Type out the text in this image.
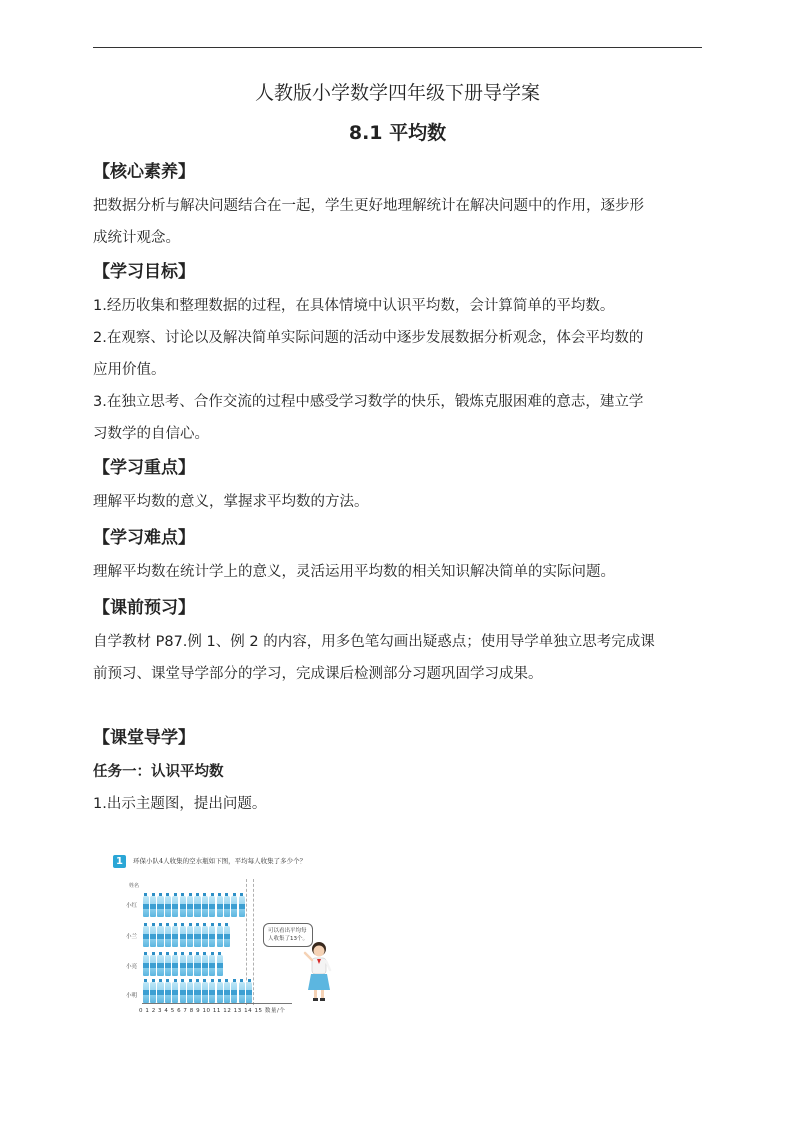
人教版小学数学四年级下册导学案
8.1 平均数

【核心素养】

把数据分析与解决问题结合在一起，学生更好地理解统计在解决问题中的作用，逐步形

成统计观念。

【学习目标】

1.经历收集和整理数据的过程，在具体情境中认识平均数，会计算简单的平均数。

2.在观察、讨论以及解决简单实际问题的活动中逐步发展数据分析观念，体会平均数的

应用价值。

3.在独立思考、合作交流的过程中感受学习数学的快乐，锻炼克服困难的意志，建立学

习数学的自信心。

【学习重点】

理解平均数的意义，掌握求平均数的方法。

【学习难点】

理解平均数在统计学上的意义，灵活运用平均数的相关知识解决简单的实际问题。

【课前预习】

自学教材 P87.例 1、例 2 的内容，用多色笔勾画出疑惑点；使用导学单独立思考完成课

前预习、课堂导学部分的学习，完成课后检测部分习题巩固学习成果。

【课堂导学】

任务一：认识平均数

1.出示主题图，提出问题。

1	环保小队4人收集的空水瓶如下图，平均每人收集了多少个？
姓名
小红
小兰
小亮
小明
0 1 2 3 4 5 6 7 8 9 10 11 12 13 14 15 数量/个
可以看出平均每人收集了13个。
